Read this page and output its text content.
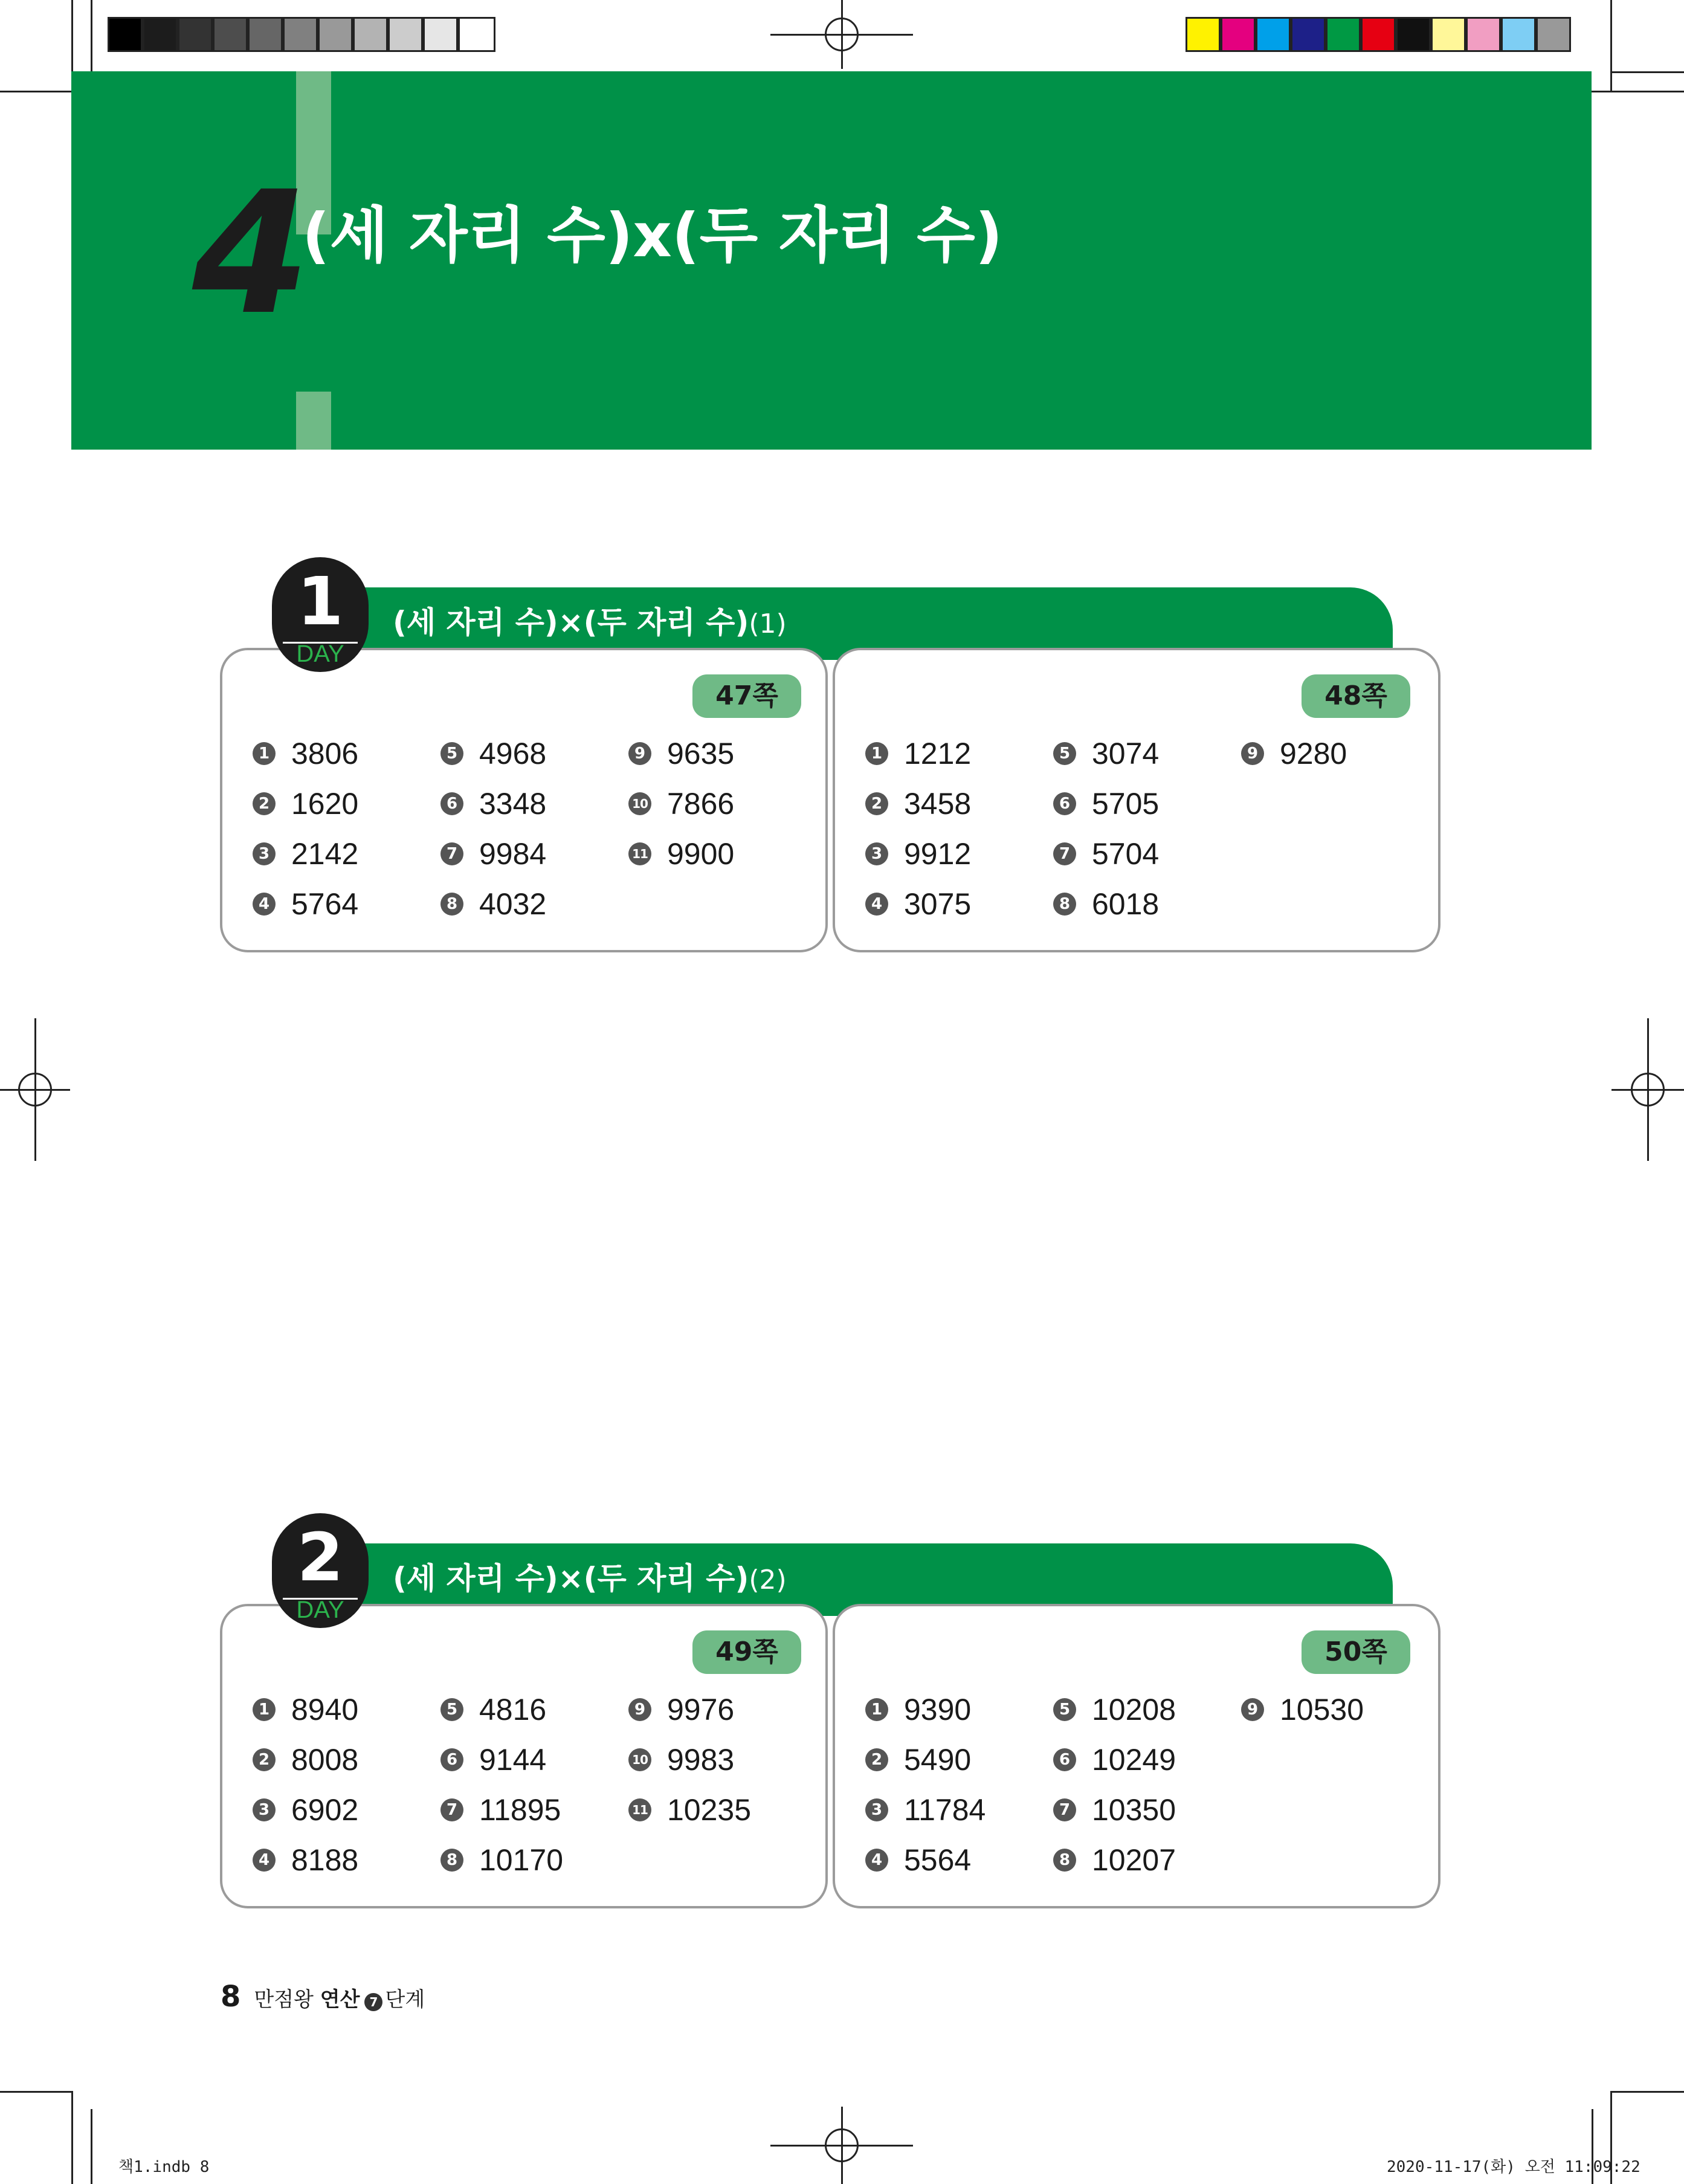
4
(세 자리 수)x(두 자리 수)
(세 자리 수)×(두 자리 수)(1)
47쪽
1 3806
2 1620
3 2142
4 5764
5 4968
6 3348
7 9984
8 4032
9 9635
10 7866
11 9900
48쪽
1 1212
2 3458
3 9912
4 3075
5 3074
6 5705
7 5704
8 6018
9 9280
1
DAY
(세 자리 수)×(두 자리 수)(2)
49쪽
1 8940
2 8008
3 6902
4 8188
5 4816
6 9144
7 11895
8 10170
9 9976
10 9983
11 10235
50쪽
1 9390
2 5490
3 11784
4 5564
5 10208
6 10249
7 10350
8 10207
9 10530
2
DAY
8 만점왕 연산 7 단계
책1.indb 8	2020-11-17(화) 오전 11:09:22
